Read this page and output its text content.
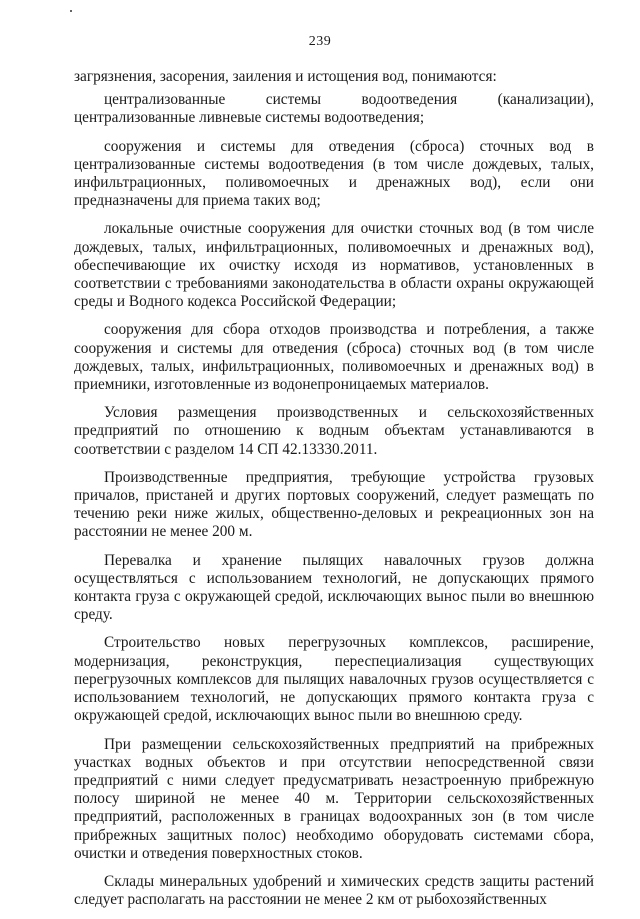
239

загрязнения, засорения, заиления и истощения вод, понимаются:

централизованные системы водоотведения (канализации), централизованные ливневые системы водоотведения;

сооружения и системы для отведения (сброса) сточных вод в централизованные системы водоотведения (в том числе дождевых, талых, инфильтрационных, поливомоечных и дренажных вод), если они предназначены для приема таких вод;

локальные очистные сооружения для очистки сточных вод (в том числе дождевых, талых, инфильтрационных, поливомоечных и дренажных вод), обеспечивающие их очистку исходя из нормативов, установленных в соответствии с требованиями законодательства в области охраны окружающей среды и Водного кодекса Российской Федерации;

сооружения для сбора отходов производства и потребления, а также сооружения и системы для отведения (сброса) сточных вод (в том числе дождевых, талых, инфильтрационных, поливомоечных и дренажных вод) в приемники, изготовленные из водонепроницаемых материалов.

Условия размещения производственных и сельскохозяйственных предприятий по отношению к водным объектам устанавливаются в соответствии с разделом 14 СП 42.13330.2011.

Производственные предприятия, требующие устройства грузовых причалов, пристаней и других портовых сооружений, следует размещать по течению реки ниже жилых, общественно-деловых и рекреационных зон на расстоянии не менее 200 м.

Перевалка и хранение пылящих навалочных грузов должна осуществляться с использованием технологий, не допускающих прямого контакта груза с окружающей средой, исключающих вынос пыли во внешнюю среду.

Строительство новых перегрузочных комплексов, расширение, модернизация, реконструкция, переспециализация существующих перегрузочных комплексов для пылящих навалочных грузов осуществляется с использованием технологий, не допускающих прямого контакта груза с окружающей средой, исключающих вынос пыли во внешнюю среду.

При размещении сельскохозяйственных предприятий на прибрежных участках водных объектов и при отсутствии непосредственной связи предприятий с ними следует предусматривать незастроенную прибрежную полосу шириной не менее 40 м. Территории сельскохозяйственных предприятий, расположенных в границах водоохранных зон (в том числе прибрежных защитных полос) необходимо оборудовать системами сбора, очистки и отведения поверхностных стоков.

Склады минеральных удобрений и химических средств защиты растений следует располагать на расстоянии не менее 2 км от рыбохозяйственных
